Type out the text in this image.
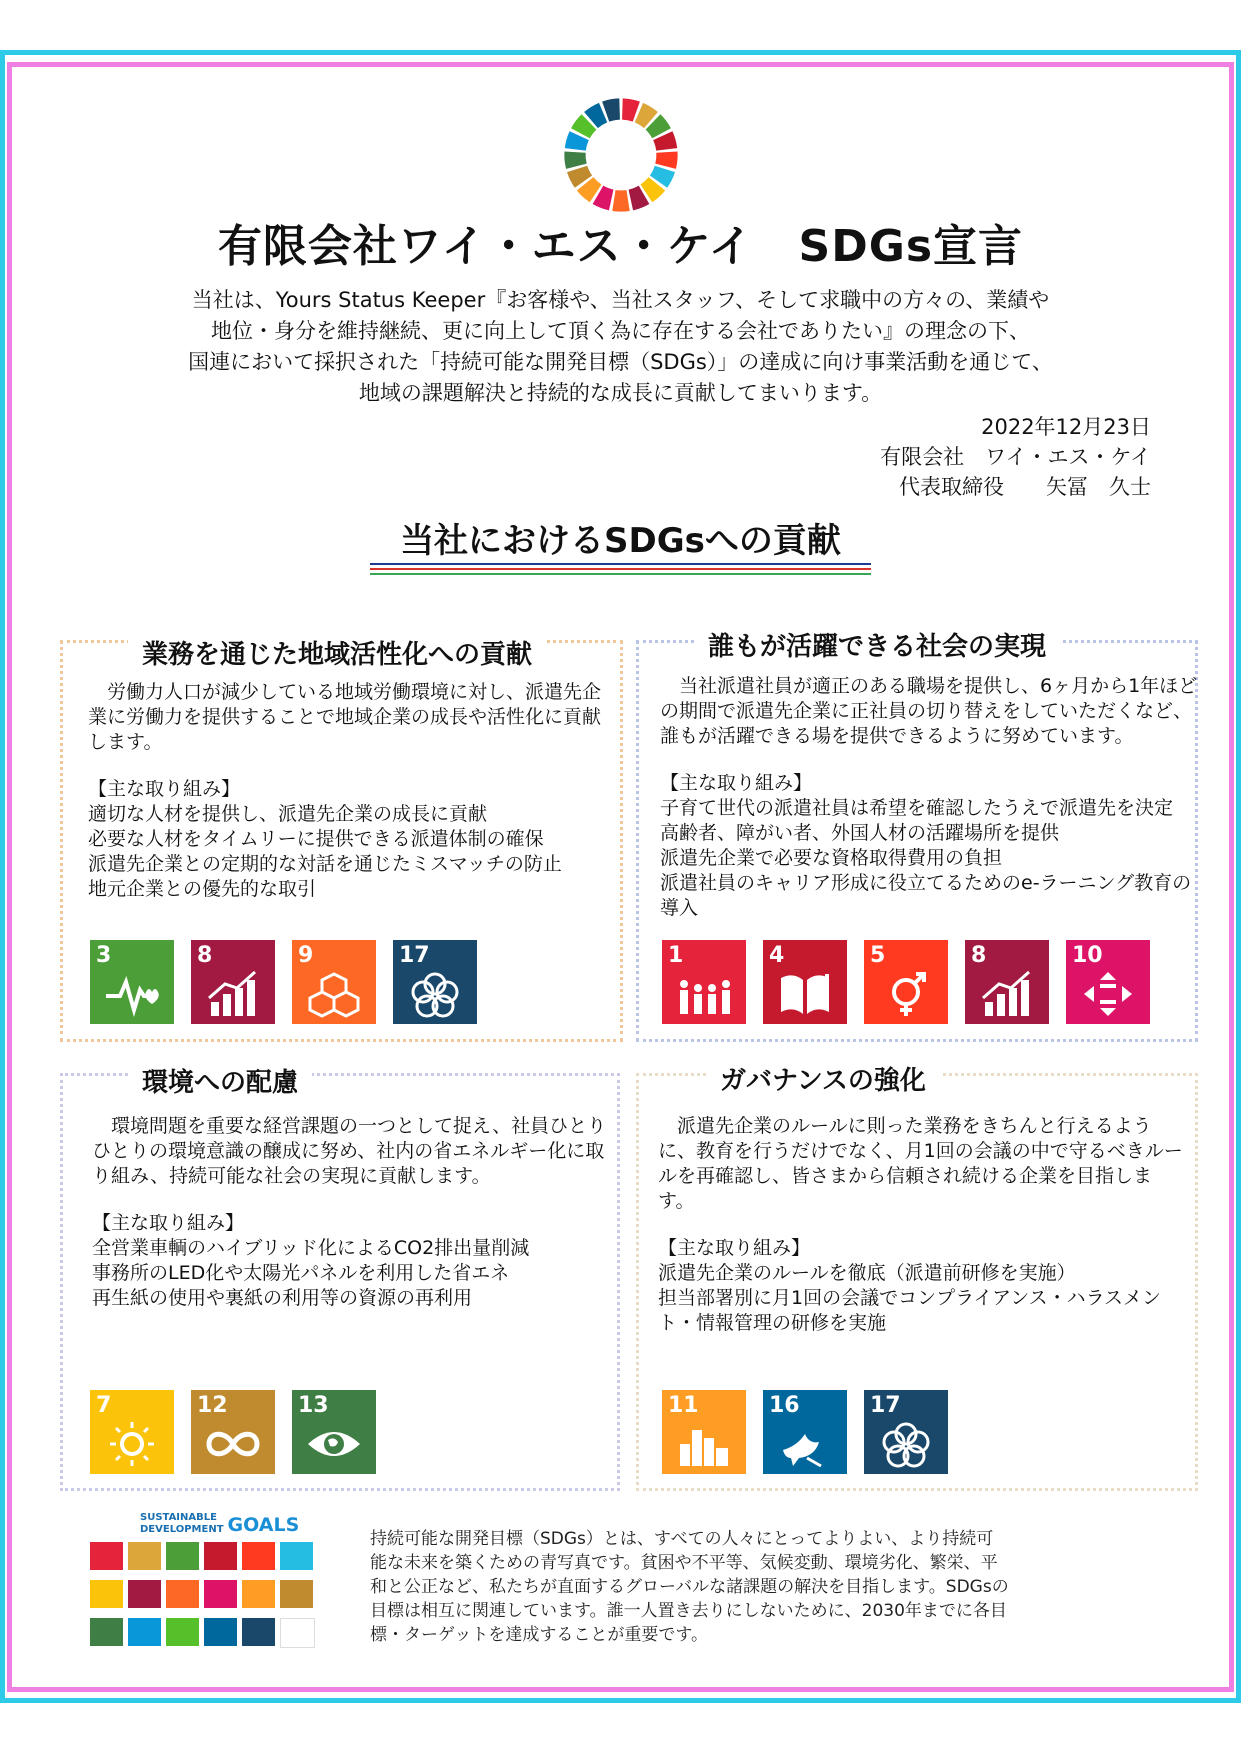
有限会社ワイ・エス・ケイ　SDGs宣言
当社は、Yours Status Keeper『お客様や、当社スタッフ、そして求職中の方々の、業績や
地位・身分を維持継続、更に向上して頂く為に存在する会社でありたい』の理念の下、
国連において採択された「持続可能な開発目標（SDGs）」の達成に向け事業活動を通じて、
地域の課題解決と持続的な成長に貢献してまいります。
2022年12月23日
有限会社　ワイ・エス・ケイ
代表取締役　　矢冨　久士
当社におけるSDGsへの貢献
業務を通じた地域活性化への貢献

労働力人口が減少している地域労働環境に対し、派遣先企業に労働力を提供することで地域企業の成長や活性化に貢献します。

【主な取り組み】

適切な人材を提供し、派遣先企業の成長に貢献

必要な人材をタイムリーに提供できる派遣体制の確保

派遣先企業との定期的な対話を通じたミスマッチの防止

地元企業との優先的な取引

3	8	9	17
誰もが活躍できる社会の実現

当社派遣社員が適正のある職場を提供し、6ヶ月から1年ほどの期間で派遣先企業に正社員の切り替えをしていただくなど、誰もが活躍できる場を提供できるように努めています。

【主な取り組み】

子育て世代の派遣社員は希望を確認したうえで派遣先を決定

高齢者、障がい者、外国人材の活躍場所を提供

派遣先企業で必要な資格取得費用の負担

派遣社員のキャリア形成に役立てるためのe-ラーニング教育の導入

1	4	5	8	10
環境への配慮

環境問題を重要な経営課題の一つとして捉え、社員ひとりひとりの環境意識の醸成に努め、社内の省エネルギー化に取り組み、持続可能な社会の実現に貢献します。

【主な取り組み】

全営業車輌のハイブリッド化によるCO2排出量削減

事務所のLED化や太陽光パネルを利用した省エネ

再生紙の使用や裏紙の利用等の資源の再利用

7	12	13
ガバナンスの強化

派遣先企業のルールに則った業務をきちんと行えるように、教育を行うだけでなく、月1回の会議の中で守るべきルールを再確認し、皆さまから信頼され続ける企業を目指します。

【主な取り組み】

派遣先企業のルールを徹底（派遣前研修を実施）

担当部署別に月1回の会議でコンプライアンス・ハラスメント・情報管理の研修を実施

11	16	17
SUSTAINABLE
DEVELOPMENT GOALS
持続可能な開発目標（SDGs）とは、すべての人々にとってよりよい、より持続可能な未来を築くための青写真です。貧困や不平等、気候変動、環境劣化、繁栄、平和と公正など、私たちが直面するグローバルな諸課題の解決を目指します。SDGsの目標は相互に関連しています。誰一人置き去りにしないために、2030年までに各目標・ターゲットを達成することが重要です。
